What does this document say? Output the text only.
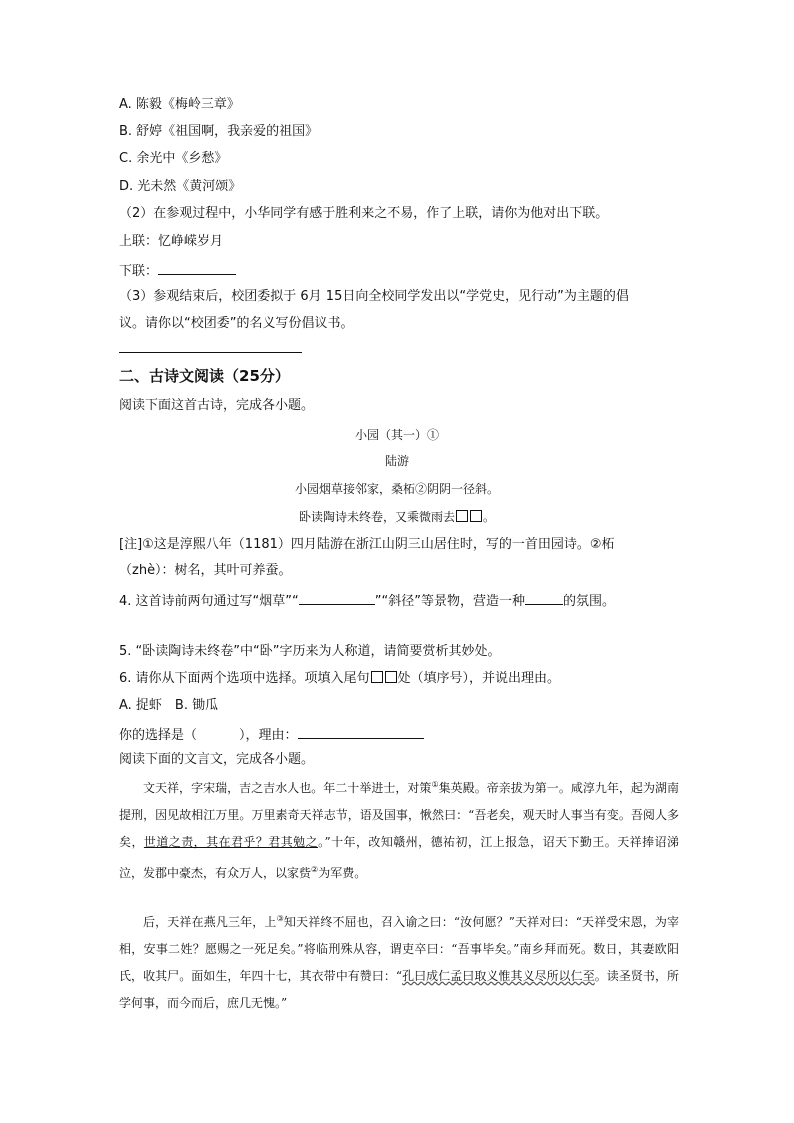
A. 陈毅《梅岭三章》
B. 舒婷《祖国啊，我亲爱的祖国》
C. 余光中《乡愁》
D. 光未然《黄河颂》
（2）在参观过程中，小华同学有感于胜利来之不易，作了上联，请你为他对出下联。
上联：忆峥嵘岁月
下联：
（3）参观结束后，校团委拟于 6月 15日向全校同学发出以“学党史，见行动”为主题的倡
议。请你以“校团委”的名义写份倡议书。
二、古诗文阅读（25分）
阅读下面这首古诗，完成各小题。
小园（其一）①
陆游
小园烟草接邻家，桑柘②阴阴一径斜。
卧读陶诗未终卷，又乘微雨去 。
[注]①这是淳熙八年（1181）四月陆游在浙江山阴三山居住时，写的一首田园诗。②柘
（zhè）：树名，其叶可养蚕。
4. 这首诗前两句通过写“烟草”“	”“斜径”等景物，营造一种	的氛围。
5. “卧读陶诗未终卷”中“卧”字历来为人称道，请简要赏析其妙处。
6. 请你从下面两个选项中选择。项填入尾句 处（填序号），并说出理由。
A. 捉虾　B. 锄瓜
你的选择是（	），理由：
阅读下面的文言文，完成各小题。

文天祥，字宋瑞，吉之吉水人也。年二十举进士，对策①集英殿。帝亲拔为第一。咸淳九年，起为湖南提刑，因见故相江万里。万里素奇天祥志节，语及国事，愀然曰：“吾老矣，观天时人事当有变。吾阅人多矣，世道之责，其在君乎？君其勉之。”十年，改知赣州，德祐初，江上报急，诏天下勤王。天祥捧诏涕泣，发郡中豪杰，有众万人，以家赀②为军费。

后，天祥在燕凡三年，上③知天祥终不屈也，召入谕之曰：“汝何愿？”天祥对曰：“天祥受宋恩，为宰相，安事二姓？愿赐之一死足矣。”将临刑殊从容，谓吏卒曰：“吾事毕矣。”南乡拜而死。数日，其妻欧阳氏，收其尸。面如生，年四十七，其衣带中有赞曰：“孔曰成仁孟曰取义惟其义尽所以仁至。读圣贤书，所学何事，而今而后，庶几无愧。”
